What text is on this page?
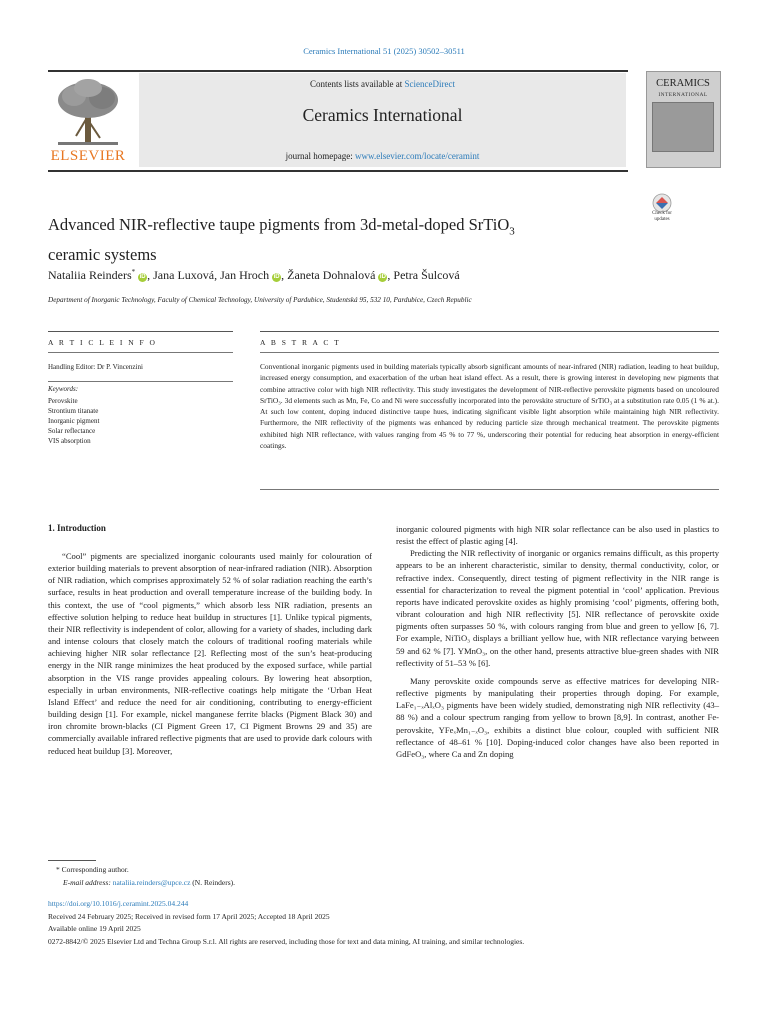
Ceramics International 51 (2025) 30502–30511
ELSEVIER
Contents lists available at ScienceDirect
Ceramics International
journal homepage: www.elsevier.com/locate/ceramint
CERAMICS
INTERNATIONAL
Advanced NIR-reflective taupe pigments from 3d-metal-doped SrTiO$_3$
ceramic systems
Check for updates
Nataliia Reinders* iD , Jana Luxová, Jan Hroch iD , Žaneta Dohnalová iD , Petra Šulcová
Department of Inorganic Technology, Faculty of Chemical Technology, University of Pardubice, Studentská 95, 532 10, Pardubice, Czech Republic
A R T I C L E I N F O
Handling Editor: Dr P. Vincenzini
Keywords:
Perovskite
Strontium titanate
Inorganic pigment
Solar reflectance
VIS absorption
A B S T R A C T
Conventional inorganic pigments used in building materials typically absorb significant amounts of near-infrared (NIR) radiation, leading to heat buildup, increased energy consumption, and exacerbation of the urban heat island effect. As a result, there is growing interest in developing new pigments that combine attractive color with high NIR reflectivity. This study investigates the development of NIR-reflective perovskite pigments based on uncoloured SrTiO₃. 3d elements such as Mn, Fe, Co and Ni were successfully incorporated into the perovskite structure of SrTiO₃ at a substitution rate 0.05 (1 % at.). At such low content, doping induced distinctive taupe hues, indicating significant visible light absorption while maintaining high NIR reflectivity. Furthermore, the NIR reflectivity of the pigments was enhanced by reducing particle size through mechanical treatment. The perovskite pigments exhibited high NIR reflectance, with values ranging from 45 % to 77 %, underscoring their potential for reducing heat absorption in energy-efficient coatings.
1. Introduction

“Cool” pigments are specialized inorganic colourants used mainly for colouration of exterior building materials to prevent absorption of near-infrared radiation (NIR). Absorption of NIR radiation, which comprises approximately 52 % of solar radiation reaching the earth’s surface, results in heat production and overall temperature increase of the building body. In this context, the use of “cool pigments,” which absorb less NIR radiation, presents an effective solution helping to reduce heat buildup in structures [1]. Unlike typical pigments, their NIR reflectivity is independent of color, allowing for a variety of shades, including dark and intense colours that closely match the colours of traditional roofing materials while achieving higher NIR solar reflectance [2]. Reflecting most of the sun’s heat-producing energy in the NIR range minimizes the heat produced by the exposed surface, while partial absorption in the VIS range provides appealing colours. By lowering heat absorption, especially in urban environments, NIR-reflective coatings help mitigate the ‘Urban Heat Island Effect’ and reduce the need for air conditioning, contributing to energy-efficient building design [1]. For example, nickel manganese ferrite blacks (Pigment Black 30) and iron chromite brown-blacks (CI Pigment Green 17, CI Pigment Browns 29 and 35) are commercially available infrared reflective pigments that are used to provide dark colours with reduced heat buildup [3]. Moreover,

inorganic coloured pigments with high NIR solar reflectance can be also used in plastics to resist the effect of plastic aging [4].

Predicting the NIR reflectivity of inorganic or organics remains difficult, as this property appears to be an inherent characteristic, similar to density, thermal conductivity, color, or refractive index. Consequently, direct testing of pigment reflectivity in the NIR range is essential for characterization to reveal the pigment potential in ‘cool’ application. Previous reports have indicated perovskite oxides as highly promising ‘cool’ pigments, offering both, vibrant colouration and high NIR reflectivity [5]. NIR reflectance of perovskite oxide pigments often surpasses 50 %, with colours ranging from blue and green to yellow [6, 7]. For example, NiTiO₃ displays a brilliant yellow hue, with NIR reflectance varying between 59 and 62 % [7]. YMnO₃, on the other hand, presents attractive blue-green shades with NIR reflectivity of 51–53 % [6].

Many perovskite oxide compounds serve as effective matrices for developing NIR-reflective pigments by manipulating their properties through doping. For example, LaFe₁₋ₓAlₓO₃ pigments have been widely studied, demonstrating nigh NIR reflectivity (43–88 %) and a colour spectrum ranging from yellow to brown [8,9]. In contrast, another Fe-perovskite, YFeₓMn₁₋ₓO₃, exhibits a distinct blue colour, coupled with sufficient NIR reflectance of 48–61 % [10]. Doping-induced color changes have also been reported in GdFeO₃, where Ca and Zn doping

* Corresponding author.
E-mail address: nataliia.reinders@upce.cz (N. Reinders).
https://doi.org/10.1016/j.ceramint.2025.04.244
Received 24 February 2025; Received in revised form 17 April 2025; Accepted 18 April 2025
Available online 19 April 2025
0272-8842/© 2025 Elsevier Ltd and Techna Group S.r.l. All rights are reserved, including those for text and data mining, AI training, and similar technologies.
